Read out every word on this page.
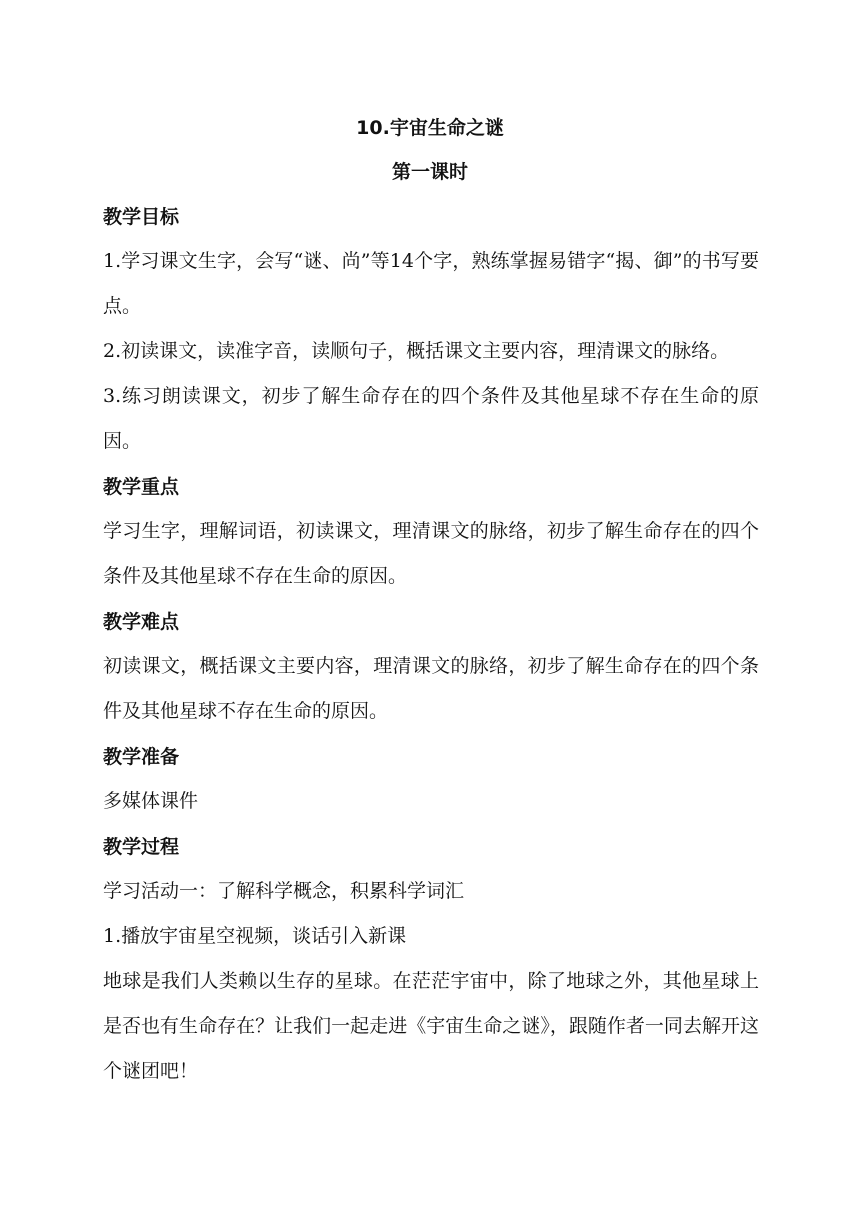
10.宇宙生命之谜
第一课时
教学目标
1.学习课文生字，会写“谜、尚”等14个字，熟练掌握易错字“揭、御”的书写要点。
2.初读课文，读准字音，读顺句子，概括课文主要内容，理清课文的脉络。
3.练习朗读课文，初步了解生命存在的四个条件及其他星球不存在生命的原因。
教学重点
学习生字，理解词语，初读课文，理清课文的脉络，初步了解生命存在的四个条件及其他星球不存在生命的原因。
教学难点
初读课文，概括课文主要内容，理清课文的脉络，初步了解生命存在的四个条件及其他星球不存在生命的原因。
教学准备
多媒体课件
教学过程
学习活动一：了解科学概念，积累科学词汇
1.播放宇宙星空视频，谈话引入新课
地球是我们人类赖以生存的星球。在茫茫宇宙中，除了地球之外，其他星球上是否也有生命存在？让我们一起走进《宇宙生命之谜》，跟随作者一同去解开这个谜团吧！
